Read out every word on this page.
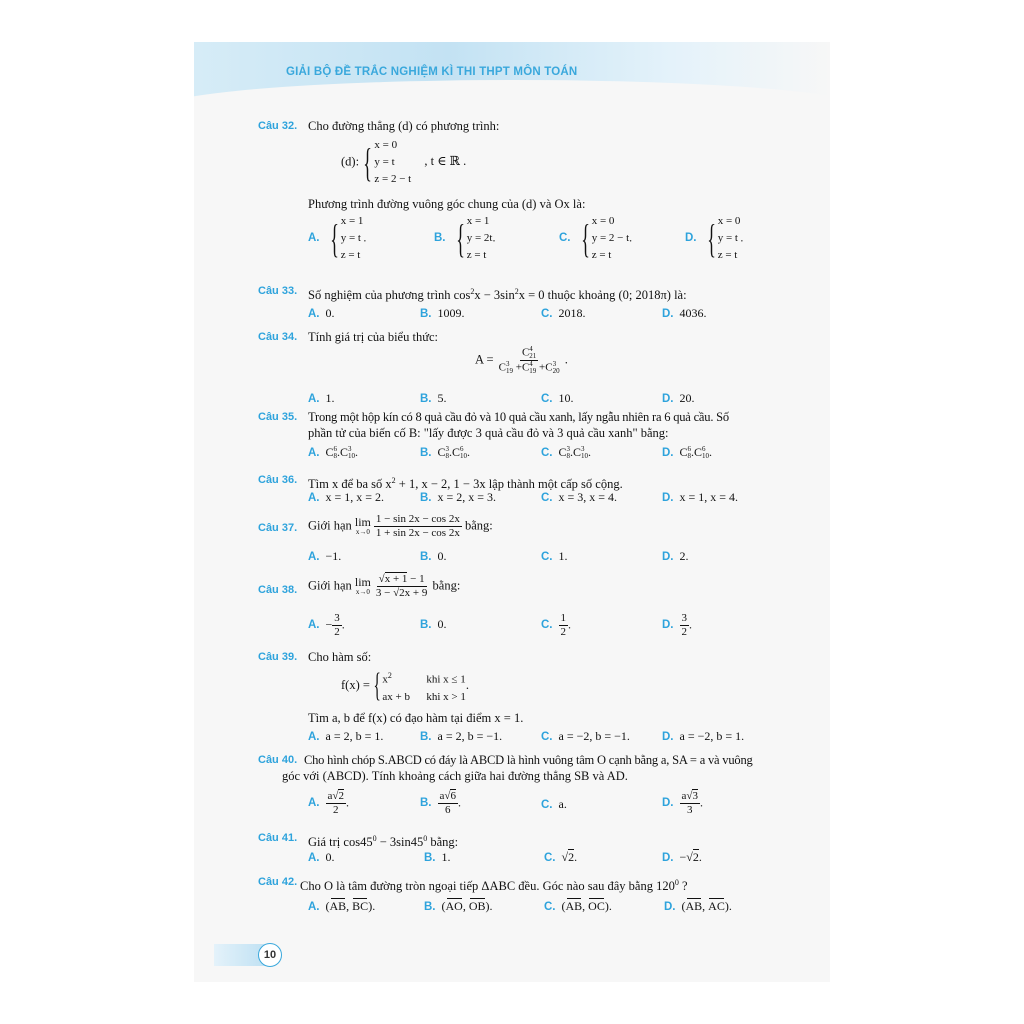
GIẢI BỘ ĐỀ TRẮC NGHIỆM KÌ THI THPT MÔN TOÁN
Câu 32. Cho đường thẳng (d) có phương trình:
(d): { x = 0
y = t
z = 2 − t
, t ∈ ℝ .
Phương trình đường vuông góc chung của (d) và Ox là:
A. { x = 1
y = t
z = t
.	B. { x = 1
y = 2t
z = t
.	C. { x = 0
y = 2 − t
z = t
.	D. { x = 0
y = t
z = t
.
Câu 33. Số nghiệm của phương trình $\cos^2x - 3\sin^2x = 0$ thuộc khoảng (0; 2018π) là:
A. 0.	B. 1009.	C. 2018.	D. 4036.
Câu 34. Tính giá trị của biểu thức:
A = C 4
21
C 3
19 +C 4
19 +C 3
20 .
A. 1.	B. 5.	C. 10.	D. 20.
Câu 35. Trong một hộp kín có 8 quả cầu đỏ và 10 quả cầu xanh, lấy ngẫu nhiên ra 6 quả cầu. Số
phần tử của biến cố B: "lấy được 3 quả cầu đỏ và 3 quả cầu xanh" bằng:
A. C 6
8 .C 3
10 .	B. C 3
8 .C 6
10 .	C. C 3
8 .C 3
10 .	D. C 6
8 .C 6
10 .
Câu 36. Tìm x để ba số $x^2 + 1$, x − 2, 1 − 3x lập thành một cấp số cộng.
A. x = 1, x = 2.	B. x = 2, x = 3.	C. x = 3, x = 4.	D. x = 1, x = 4.
Câu 37. Giới hạn lim
$x\to 0 \frac{1 - \sin 2x - \cos 2x}{1 + \sin 2x - \cos 2x}$ bằng:
A. −1.	B. 0.	C. 1.	D. 2.
Câu 38. Giới hạn lim
$x\to 0 \frac{√x + 1 - 1}{3 - √2x + 9}$ bằng:
A. − $\frac{3}{2}$ .	B. 0.	C. $\frac{1}{2}$ .	D. $\frac{3}{2}$ .
Câu 39. Cho hàm số:
f(x) = { $x^2$	khi x ≤ 1
ax + b khi x > 1
.
Tìm a, b để f(x) có đạo hàm tại điểm x = 1.
A. a = 2, b = 1.	B. a = 2, b = −1.	C. a = −2, b = −1.	D. a = −2, b = 1.
Câu 40. Cho hình chóp S.ABCD có đáy là ABCD là hình vuông tâm O cạnh bằng a, SA = a và vuông
góc với (ABCD). Tính khoảng cách giữa hai đường thẳng SB và AD.
A. $\frac{a√2}{2}$ .	B. $\frac{a√6}{6}$ .	C. a.	D. $\frac{a√3}{3}$ .
Câu 41. Giá trị $\cos 45^0 - 3\sin 45^0$ bằng:
A. 0.	B. 1.	C. √2.	D. −√2.
Câu 42. Cho O là tâm đường tròn ngoại tiếp ΔABC đều. Góc nào sau đây bằng $120^0$ ?
A. (AB, BC).	B. (AO, OB).	C. (AB, OC).	D. (AB, AC).
10
